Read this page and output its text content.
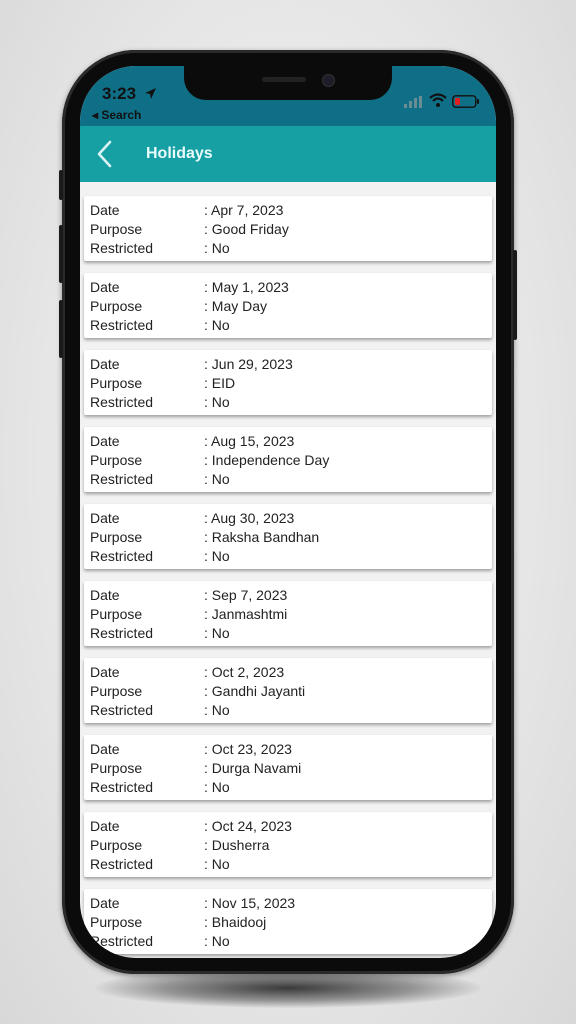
3:23
◂ Search
Holidays
Date	: Apr 7, 2023
Purpose	: Good Friday
Restricted	: No
Date	: May 1, 2023
Purpose	: May Day
Restricted	: No
Date	: Jun 29, 2023
Purpose	: EID
Restricted	: No
Date	: Aug 15, 2023
Purpose	: Independence Day
Restricted	: No
Date	: Aug 30, 2023
Purpose	: Raksha Bandhan
Restricted	: No
Date	: Sep 7, 2023
Purpose	: Janmashtmi
Restricted	: No
Date	: Oct 2, 2023
Purpose	: Gandhi Jayanti
Restricted	: No
Date	: Oct 23, 2023
Purpose	: Durga Navami
Restricted	: No
Date	: Oct 24, 2023
Purpose	: Dusherra
Restricted	: No
Date	: Nov 15, 2023
Purpose	: Bhaidooj
Restricted	: No
